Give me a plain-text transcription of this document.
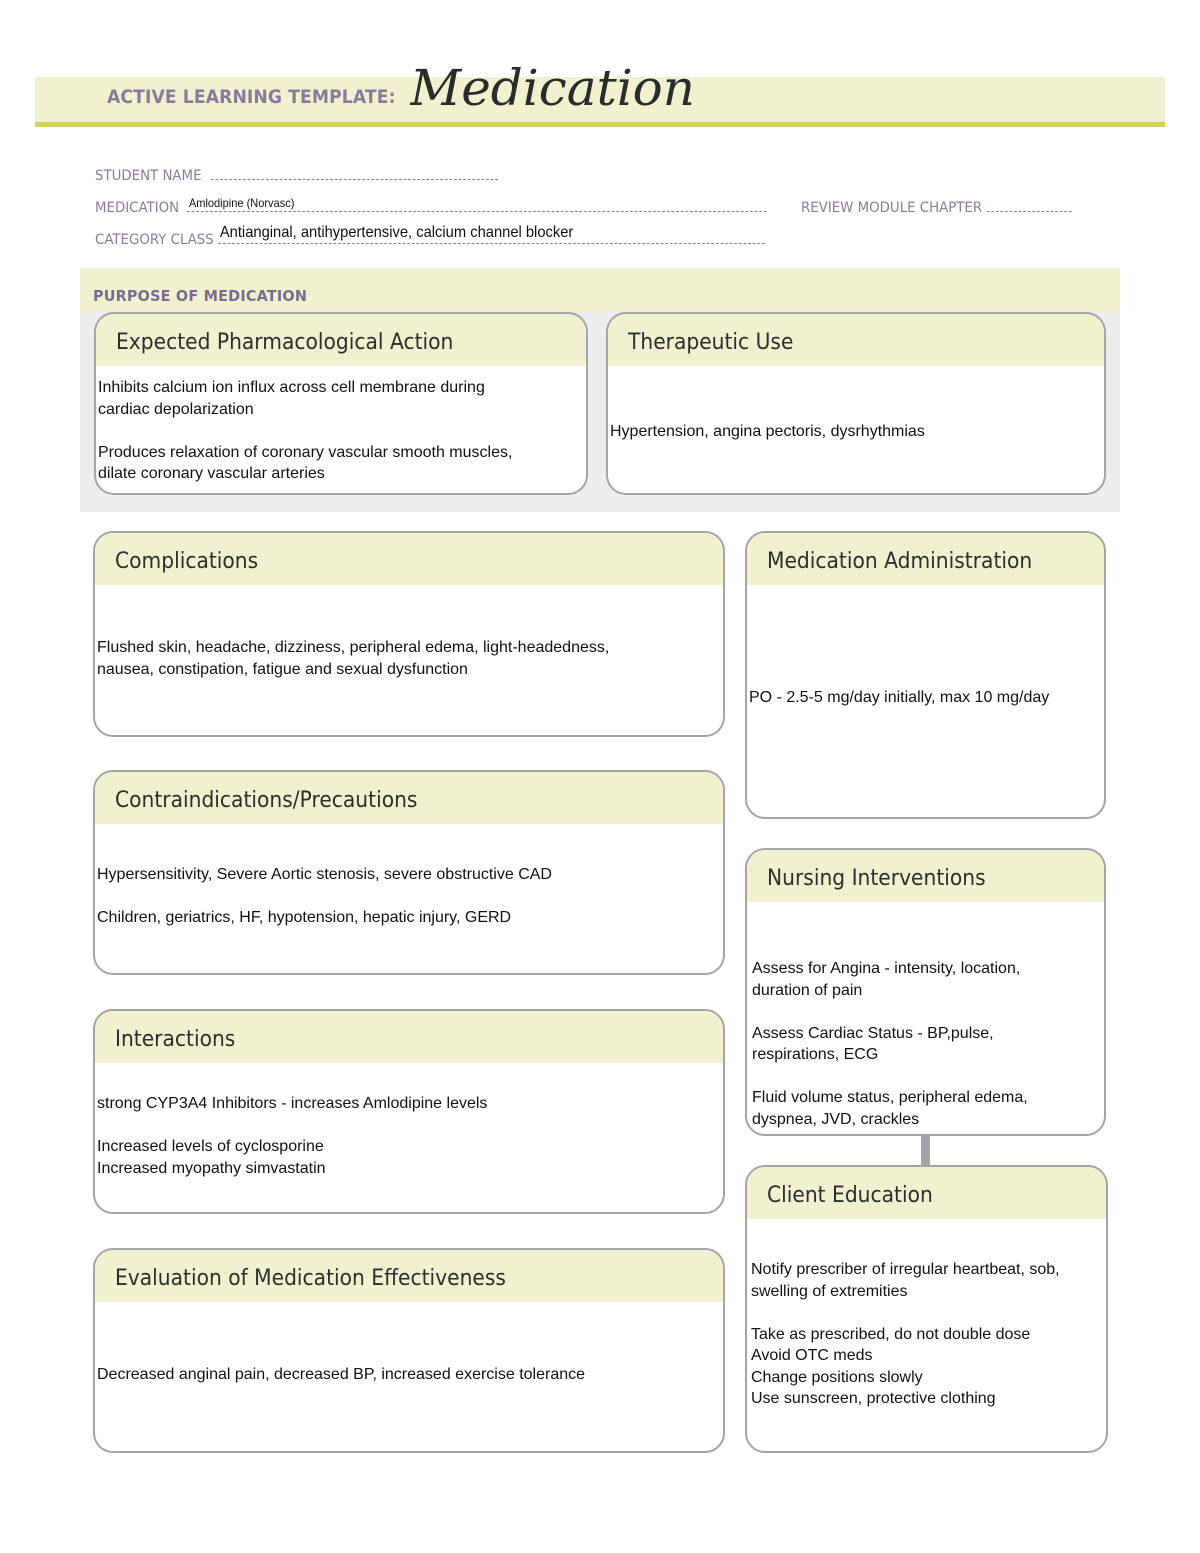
ACTIVE LEARNING TEMPLATE: Medication
STUDENT NAME
MEDICATION Amlodipine (Norvasc)	REVIEW MODULE CHAPTER
CATEGORY CLASS Antianginal, antihypertensive, calcium channel blocker
PURPOSE OF MEDICATION
Expected Pharmacological Action

Inhibits calcium ion influx across cell membrane during

cardiac depolarization

Produces relaxation of coronary vascular smooth muscles,

dilate coronary vascular arteries

Therapeutic Use

Hypertension, angina pectoris, dysrhythmias

Complications

Flushed skin, headache, dizziness, peripheral edema, light-headedness,

nausea, constipation, fatigue and sexual dysfunction

Medication Administration

PO - 2.5-5 mg/day initially, max 10 mg/day

Contraindications/Precautions

Hypersensitivity, Severe Aortic stenosis, severe obstructive CAD

Children, geriatrics, HF, hypotension, hepatic injury, GERD

Nursing Interventions

Assess for Angina - intensity, location,

duration of pain

Assess Cardiac Status - BP,pulse,

respirations, ECG

Fluid volume status, peripheral edema,

dyspnea, JVD, crackles

Interactions

strong CYP3A4 Inhibitors - increases Amlodipine levels

Increased levels of cyclosporine

Increased myopathy simvastatin

Client Education

Notify prescriber of irregular heartbeat, sob,

swelling of extremities

Take as prescribed, do not double dose

Avoid OTC meds

Change positions slowly

Use sunscreen, protective clothing

Evaluation of Medication Effectiveness

Decreased anginal pain, decreased BP, increased exercise tolerance
